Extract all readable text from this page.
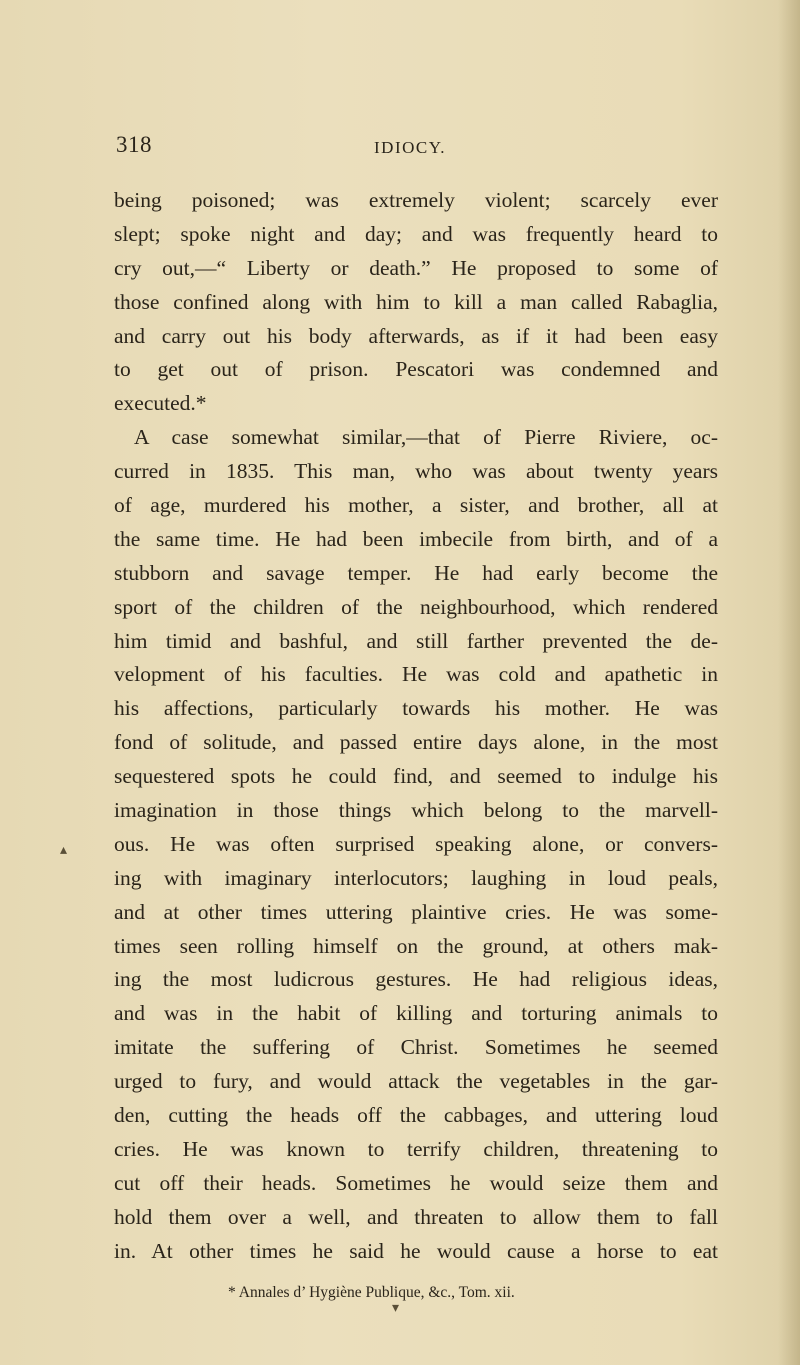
318	IDIOCY.
being poisoned; was extremely violent; scarcely ever
slept; spoke night and day; and was frequently heard to
cry out,—“ Liberty or death.” He proposed to some of
those confined along with him to kill a man called Rabaglia,
and carry out his body afterwards, as if it had been easy
to get out of prison. Pescatori was condemned and
executed.*
A case somewhat similar,—that of Pierre Riviere, oc-
curred in 1835. This man, who was about twenty years
of age, murdered his mother, a sister, and brother, all at
the same time. He had been imbecile from birth, and of a
stubborn and savage temper. He had early become the
sport of the children of the neighbourhood, which rendered
him timid and bashful, and still farther prevented the de-
velopment of his faculties. He was cold and apathetic in
his affections, particularly towards his mother. He was
fond of solitude, and passed entire days alone, in the most
sequestered spots he could find, and seemed to indulge his
imagination in those things which belong to the marvell-
ous. He was often surprised speaking alone, or convers-
ing with imaginary interlocutors; laughing in loud peals,
and at other times uttering plaintive cries. He was some-
times seen rolling himself on the ground, at others mak-
ing the most ludicrous gestures. He had religious ideas,
and was in the habit of killing and torturing animals to
imitate the suffering of Christ. Sometimes he seemed
urged to fury, and would attack the vegetables in the gar-
den, cutting the heads off the cabbages, and uttering loud
cries. He was known to terrify children, threatening to
cut off their heads. Sometimes he would seize them and
hold them over a well, and threaten to allow them to fall
in. At other times he said he would cause a horse to eat
* Annales d’ Hygiène Publique, &c., Tom. xii.
▴
▾
